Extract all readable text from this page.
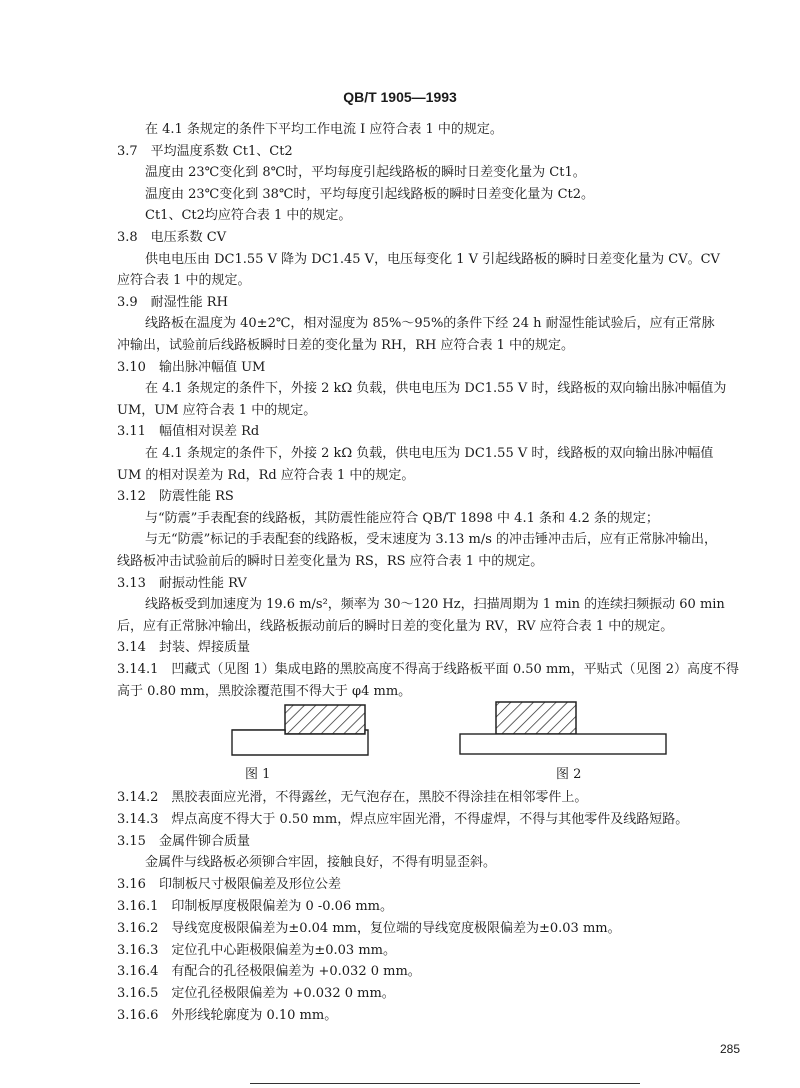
QB/T 1905—1993
在 4.1 条规定的条件下平均工作电流 I 应符合表 1 中的规定。
3.7　平均温度系数 Ct1、Ct2
温度由 23℃变化到 8℃时，平均每度引起线路板的瞬时日差变化量为 Ct1。
温度由 23℃变化到 38℃时，平均每度引起线路板的瞬时日差变化量为 Ct2。
Ct1、Ct2均应符合表 1 中的规定。
3.8　电压系数 CV
供电电压由 DC1.55 V 降为 DC1.45 V，电压每变化 1 V 引起线路板的瞬时日差变化量为 CV。CV
应符合表 1 中的规定。
3.9　耐湿性能 RH
线路板在温度为 40±2℃，相对湿度为 85%～95%的条件下经 24 h 耐湿性能试验后，应有正常脉
冲输出，试验前后线路板瞬时日差的变化量为 RH，RH 应符合表 1 中的规定。
3.10　输出脉冲幅值 UM
在 4.1 条规定的条件下，外接 2 kΩ 负载，供电电压为 DC1.55 V 时，线路板的双向输出脉冲幅值为
UM，UM 应符合表 1 中的规定。
3.11　幅值相对误差 Rd
在 4.1 条规定的条件下，外接 2 kΩ 负载，供电电压为 DC1.55 V 时，线路板的双向输出脉冲幅值
UM 的相对误差为 Rd，Rd 应符合表 1 中的规定。
3.12　防震性能 RS
与“防震”手表配套的线路板，其防震性能应符合 QB/T 1898 中 4.1 条和 4.2 条的规定；
与无“防震”标记的手表配套的线路板，受末速度为 3.13 m/s 的冲击锤冲击后，应有正常脉冲输出，
线路板冲击试验前后的瞬时日差变化量为 RS，RS 应符合表 1 中的规定。
3.13　耐振动性能 RV
线路板受到加速度为 19.6 m/s²，频率为 30～120 Hz，扫描周期为 1 min 的连续扫频振动 60 min
后，应有正常脉冲输出，线路板振动前后的瞬时日差的变化量为 RV，RV 应符合表 1 中的规定。
3.14　封装、焊接质量
3.14.1　凹藏式（见图 1）集成电路的黑胶高度不得高于线路板平面 0.50 mm，平贴式（见图 2）高度不得
高于 0.80 mm，黑胶涂覆范围不得大于 φ4 mm。
图 1	图 2
3.14.2　黑胶表面应光滑，不得露丝，无气泡存在，黑胶不得涂挂在相邻零件上。
3.14.3　焊点高度不得大于 0.50 mm，焊点应牢固光滑，不得虚焊，不得与其他零件及线路短路。
3.15　金属件铆合质量
金属件与线路板必须铆合牢固，接触良好，不得有明显歪斜。
3.16　印制板尺寸极限偏差及形位公差
3.16.1　印制板厚度极限偏差为 0 -0.06 mm。
3.16.2　导线宽度极限偏差为±0.04 mm，复位端的导线宽度极限偏差为±0.03 mm。
3.16.3　定位孔中心距极限偏差为±0.03 mm。
3.16.4　有配合的孔径极限偏差为 +0.032 0 mm。
3.16.5　定位孔径极限偏差为 +0.032 0 mm。
3.16.6　外形线轮廓度为 0.10 mm。
285
